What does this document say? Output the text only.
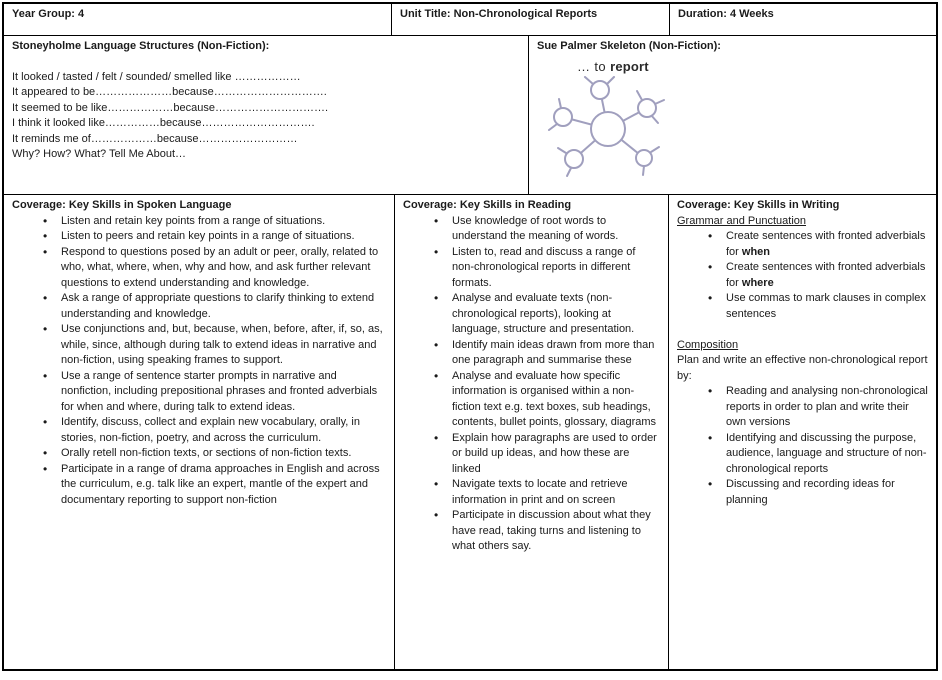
Year Group: 4	Unit Title: Non-Chronological Reports	Duration: 4 Weeks
Stoneyholme Language Structures (Non-Fiction):
It looked / tasted / felt / sounded/ smelled like ………………
It appeared to be…………………because………………………….
It seemed to be like………………because………………………….
I think it looked like……………because………………………….
It reminds me of………………because………………………
Why? How? What? Tell Me About…
Sue Palmer Skeleton (Non-Fiction):
… to report
Coverage: Key Skills in Spoken Language
• Listen and retain key points from a range of situations.
• Listen to peers and retain key points in a range of situations.
• Respond to questions posed by an adult or peer, orally, related to who, what, where, when, why and how, and ask further relevant questions to extend understanding and knowledge.
• Ask a range of appropriate questions to clarify thinking to extend understanding and knowledge.
• Use conjunctions and, but, because, when, before, after, if, so, as, while, since, although during talk to extend ideas in narrative and non-fiction, using speaking frames to support.
• Use a range of sentence starter prompts in narrative and nonfiction, including prepositional phrases and fronted adverbials for when and where, during talk to extend ideas.
• Identify, discuss, collect and explain new vocabulary, orally, in stories, non-fiction, poetry, and across the curriculum.
• Orally retell non-fiction texts, or sections of non-fiction texts.
• Participate in a range of drama approaches in English and across the curriculum, e.g. talk like an expert, mantle of the expert and documentary reporting to support non-fiction
Coverage: Key Skills in Reading
• Use knowledge of root words to understand the meaning of words.
• Listen to, read and discuss a range of non-chronological reports in different formats.
• Analyse and evaluate texts (non-chronological reports), looking at language, structure and presentation.
• Identify main ideas drawn from more than one paragraph and summarise these
• Analyse and evaluate how specific information is organised within a non-fiction text e.g. text boxes, sub headings, contents, bullet points, glossary, diagrams
• Explain how paragraphs are used to order or build up ideas, and how these are linked
• Navigate texts to locate and retrieve information in print and on screen
• Participate in discussion about what they have read, taking turns and listening to what others say.
Coverage: Key Skills in Writing
Grammar and Punctuation
• Create sentences with fronted adverbials for when
• Create sentences with fronted adverbials for where
• Use commas to mark clauses in complex sentences
Composition
Plan and write an effective non-chronological report by:
• Reading and analysing non-chronological reports in order to plan and write their own versions
• Identifying and discussing the purpose, audience, language and structure of non-chronological reports
• Discussing and recording ideas for planning
